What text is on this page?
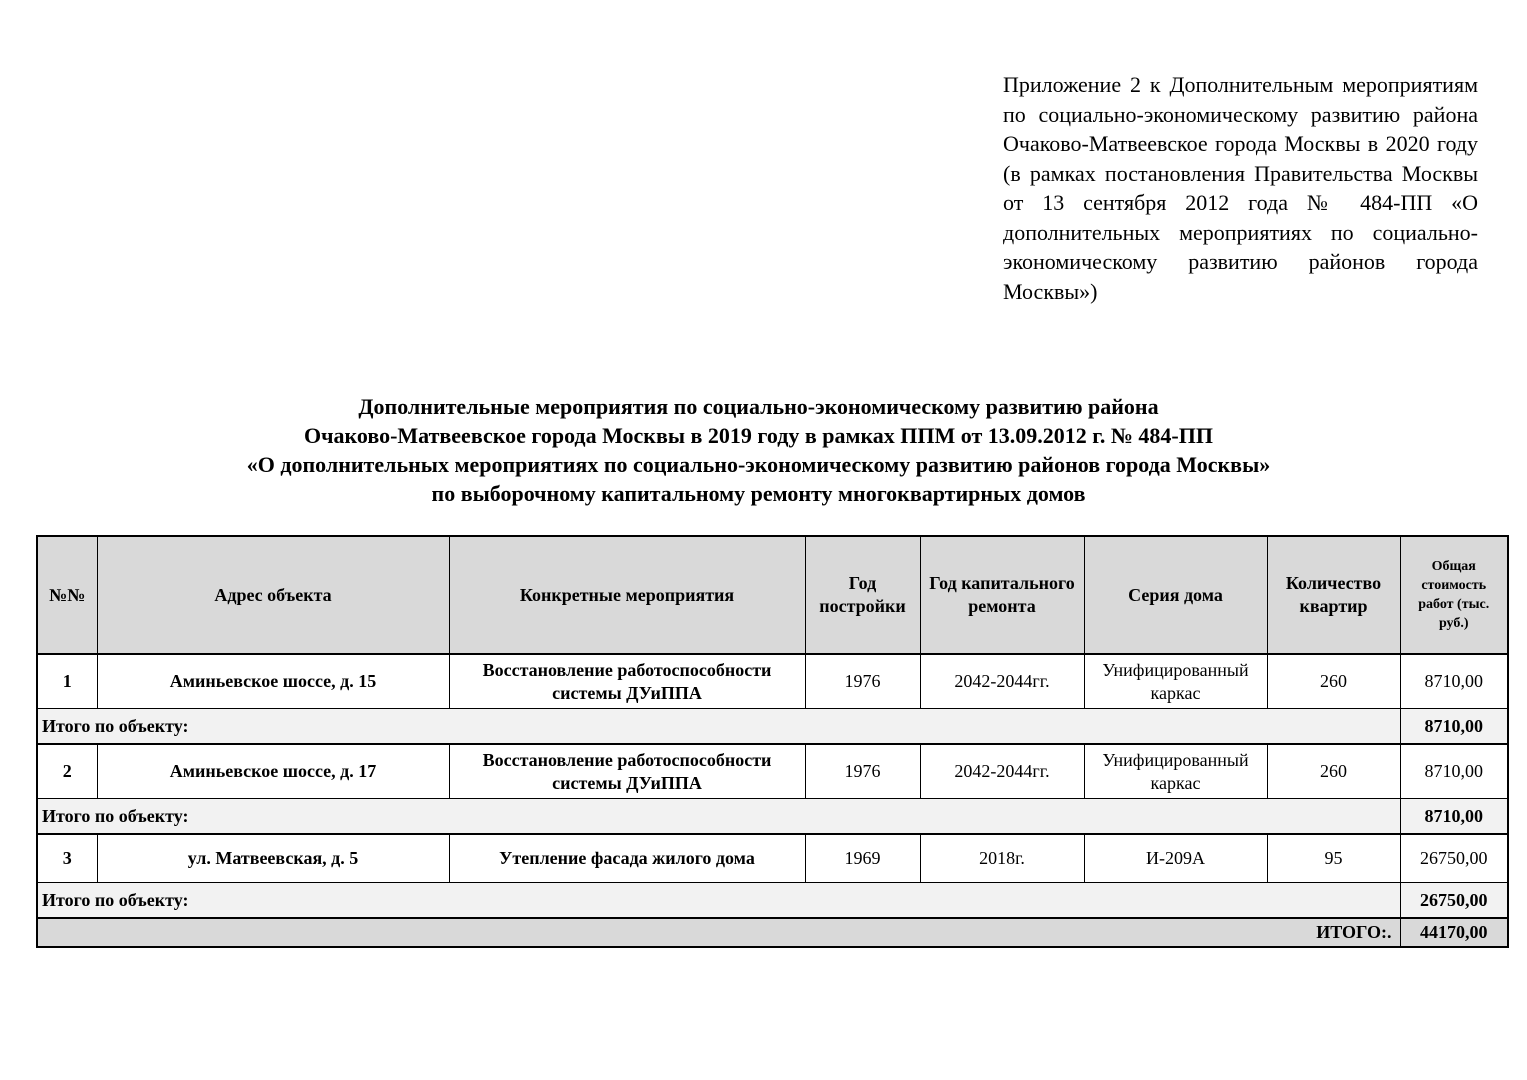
Приложение 2 к Дополнительным мероприятиям по социально-экономическому развитию района Очаково-Матвеевское города Москвы в 2020 году (в рамках постановления Правительства Москвы от 13 сентября 2012 года № 484-ПП «О дополнительных мероприятиях по социально-экономическому развитию районов города Москвы»)
Дополнительные мероприятия по социально-экономическому развитию района
Очаково-Матвеевское города Москвы в 2019 году в рамках ППМ от 13.09.2012 г. № 484-ПП
«О дополнительных мероприятиях по социально-экономическому развитию районов города Москвы»
по выборочному капитальному ремонту многоквартирных домов
№№	Адрес объекта	Конкретные мероприятия	Год постройки	Год капитального ремонта	Серия дома	Количество квартир	Общая стоимость работ (тыс. руб.)
1	Аминьевское шоссе, д. 15	Восстановление работоспособности системы ДУиППА	1976	2042-2044гг.	Унифицированный каркас	260	8710,00
Итого по объекту:							8710,00
2	Аминьевское шоссе, д. 17	Восстановление работоспособности системы ДУиППА	1976	2042-2044гг.	Унифицированный каркас	260	8710,00
Итого по объекту:							8710,00
3	ул. Матвеевская, д. 5	Утепление фасада жилого дома	1969	2018г.	И-209А	95	26750,00
Итого по объекту:							26750,00
ИТОГО:.							44170,00
